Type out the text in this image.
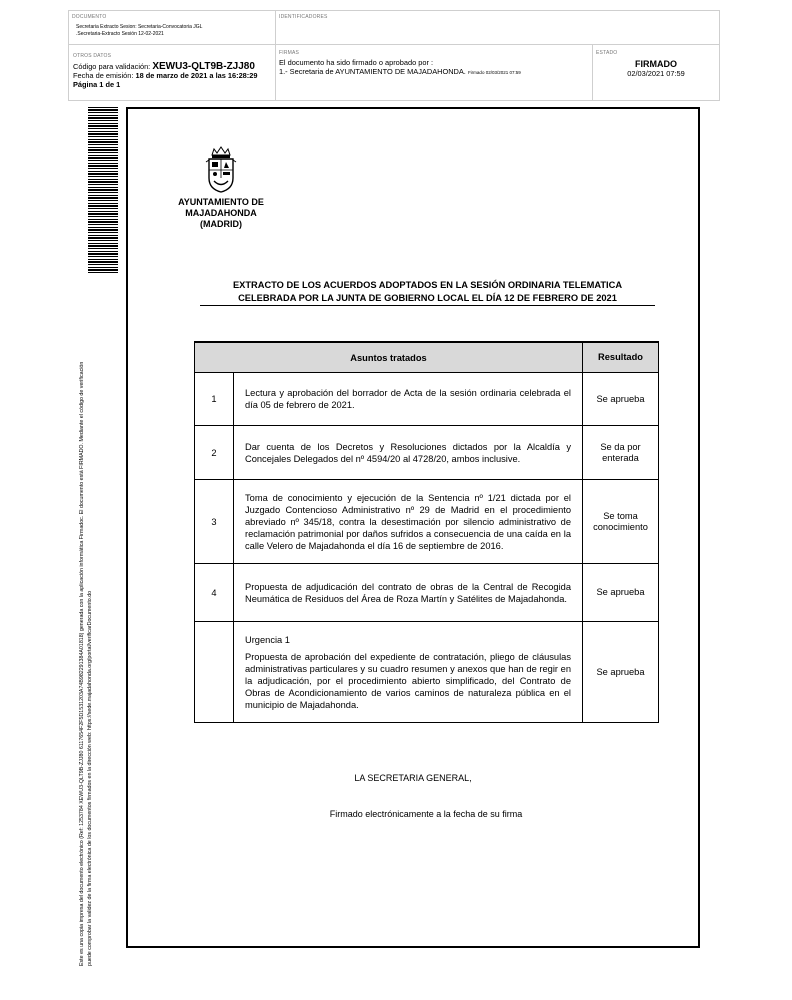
DOCUMENTO
Secretaria Extracto Sesion: Secretaria-Convocatoria JGL
.Secretaria-Extracto Sesión 12-02-2021
IDENTIFICADORES
OTROS DATOS
Código para validación: XEWU3-QLT9B-ZJJ80
Fecha de emisión: 18 de marzo de 2021 a las 16:28:29
Página 1 de 1
FIRMAS
El documento ha sido firmado o aprobado por :
1.- Secretaria de AYUNTAMIENTO DE MAJADAHONDA. Firmado 02/03/2021 07:59
ESTADO
FIRMADO
02/03/2021 07:59
Este es una copia impresa del documento electrónico (Ref: 1253784 XEWU3-QLT9B-ZJJ80 6117654F2F5D1531203A74B982291384A01818) generada con la aplicación informática Firmadoc. El documento está FIRMADO. Mediante el código de verificación puede comprobar la validez de la firma electrónica de los documentos firmados en la dirección web: https://sede.majadahonda.org/portal/verificarDocumento.do
AYUNTAMIENTO DE
MAJADAHONDA
(MADRID)
EXTRACTO DE LOS ACUERDOS ADOPTADOS EN LA SESIÓN ORDINARIA TELEMATICA
CELEBRADA POR LA JUNTA DE GOBIERNO LOCAL EL DÍA 12 DE FEBRERO DE 2021
Asuntos tratados		Resultado
1	Lectura y aprobación del borrador de Acta de la sesión ordinaria celebrada el día 05 de febrero de 2021.	Se aprueba
2	Dar cuenta de los Decretos y Resoluciones dictados por la Alcaldía y Concejales Delegados del nº 4594/20 al 4728/20, ambos inclusive.	Se da por enterada
3	Toma de conocimiento y ejecución de la Sentencia nº 1/21 dictada por el Juzgado Contencioso Administrativo nº 29 de Madrid en el procedimiento abreviado nº 345/18, contra la desestimación por silencio administrativo de reclamación patrimonial por daños sufridos a consecuencia de una caída en la calle Velero de Majadahonda el día 16 de septiembre de 2016.	Se toma conocimiento
4	Propuesta de adjudicación del contrato de obras de la Central de Recogida Neumática de Residuos del Área de Roza Martín y Satélites de Majadahonda.	Se aprueba

	Urgencia 1
Propuesta de aprobación del expediente de contratación, pliego de cláusulas administrativas particulares y su cuadro resumen y anexos que han de regir en la adjudicación, por el procedimiento abierto simplificado, del Contrato de Obras de Acondicionamiento de varios caminos de naturaleza pública en el municipio de Majadahonda.	Se aprueba
LA SECRETARIA GENERAL,
Firmado electrónicamente a la fecha de su firma
